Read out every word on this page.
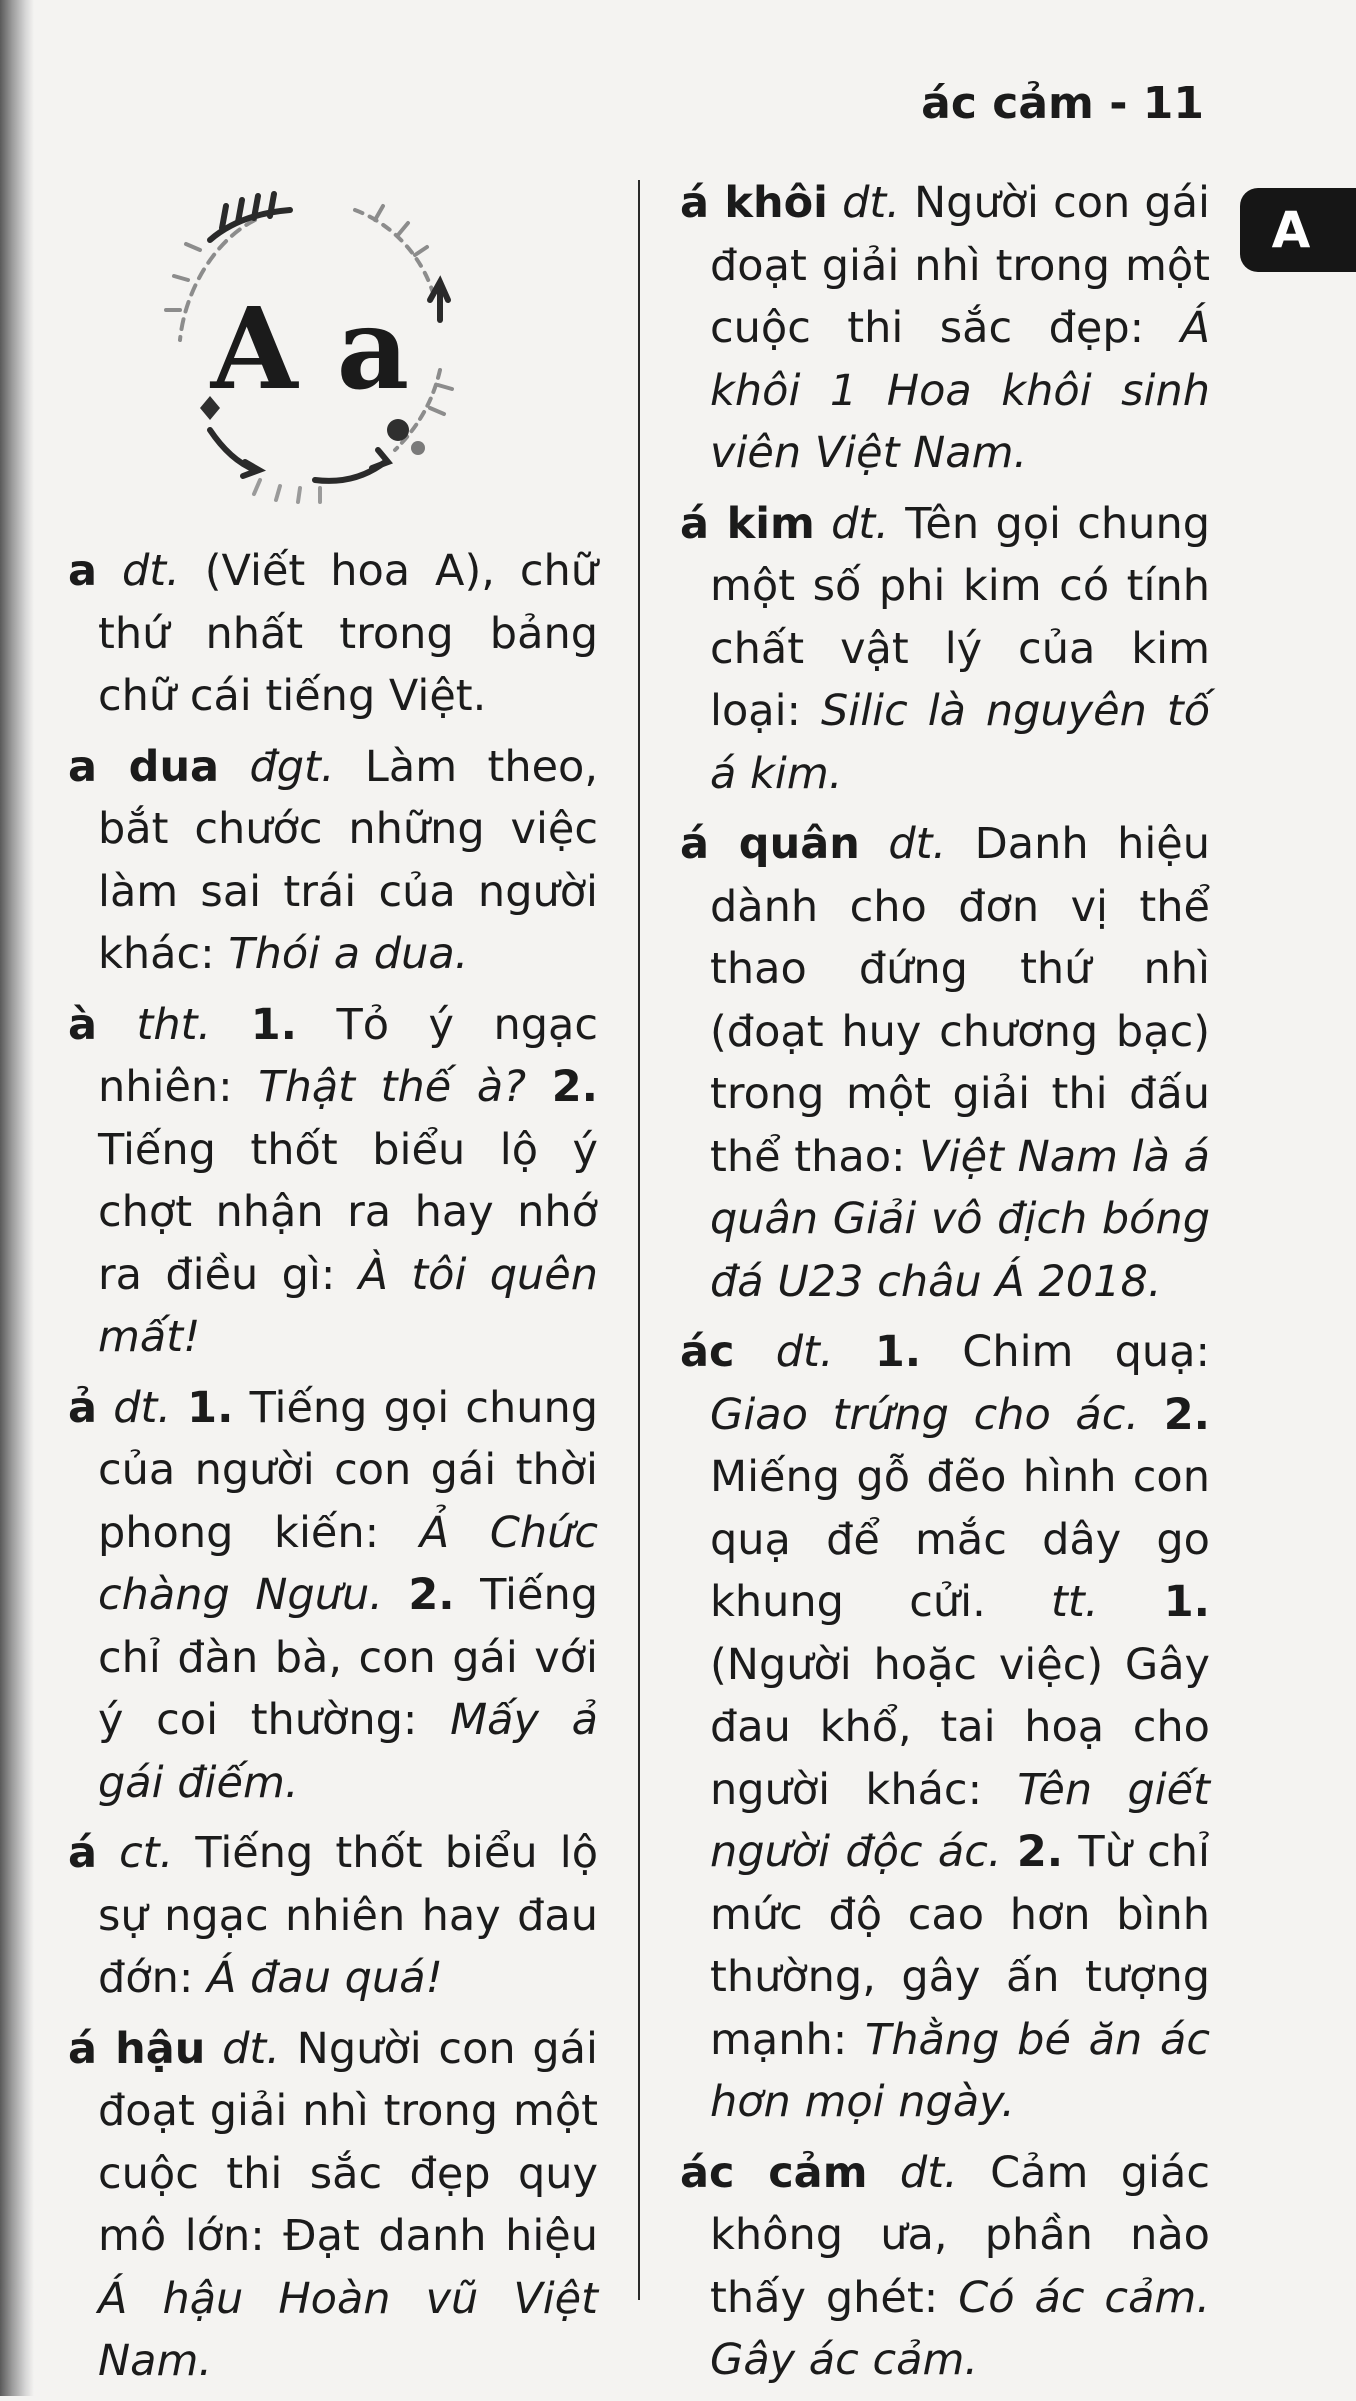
ác cảm - 11
A
A a

a dt. (Viết hoa A), chữ thứ nhất trong bảng chữ cái tiếng Việt.

a dua đgt. Làm theo, bắt chước những việc làm sai trái của người khác: Thói a dua.

à tht. 1. Tỏ ý ngạc nhiên: Thật thế à? 2. Tiếng thốt biểu lộ ý chợt nhận ra hay nhớ ra điều gì: À tôi quên mất!

ả dt. 1. Tiếng gọi chung của người con gái thời phong kiến: Ả Chức chàng Ngưu. 2. Tiếng chỉ đàn bà, con gái với ý coi thường: Mấy ả gái điếm.

á ct. Tiếng thốt biểu lộ sự ngạc nhiên hay đau đớn: Á đau quá!

á hậu dt. Người con gái đoạt giải nhì trong một cuộc thi sắc đẹp quy mô lớn: Đạt danh hiệu Á hậu Hoàn vũ Việt Nam.

á khôi dt. Người con gái đoạt giải nhì trong một cuộc thi sắc đẹp: Á khôi 1 Hoa khôi sinh viên Việt Nam.

á kim dt. Tên gọi chung một số phi kim có tính chất vật lý của kim loại: Silic là nguyên tố á kim.

á quân dt. Danh hiệu dành cho đơn vị thể thao đứng thứ nhì (đoạt huy chương bạc) trong một giải thi đấu thể thao: Việt Nam là á quân Giải vô địch bóng đá U23 châu Á 2018.

ác dt. 1. Chim quạ: Giao trứng cho ác. 2. Miếng gỗ đẽo hình con quạ để mắc dây go khung cửi. tt. 1. (Người hoặc việc) Gây đau khổ, tai hoạ cho người khác: Tên giết người độc ác. 2. Từ chỉ mức độ cao hơn bình thường, gây ấn tượng mạnh: Thằng bé ăn ác hơn mọi ngày.

ác cảm dt. Cảm giác không ưa, phần nào thấy ghét: Có ác cảm. Gây ác cảm.
